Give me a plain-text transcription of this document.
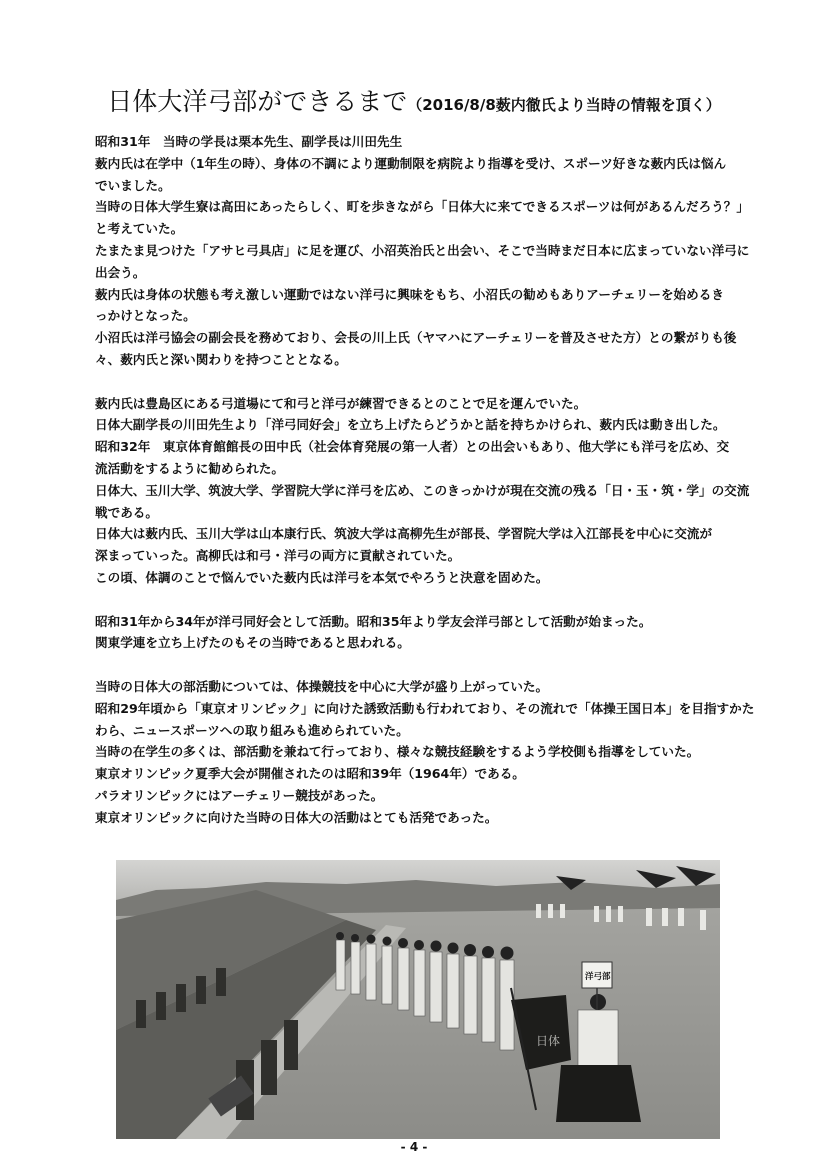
日体大洋弓部ができるまで（2016/8/8薮内徹氏より当時の情報を頂く）

昭和31年　当時の学長は栗本先生、副学長は川田先生

薮内氏は在学中（1年生の時）、身体の不調により運動制限を病院より指導を受け、スポーツ好きな薮内氏は悩ん

でいました。

当時の日体大学生寮は高田にあったらしく、町を歩きながら「日体大に来てできるスポーツは何があるんだろう？」

と考えていた。

たまたま見つけた「アサヒ弓具店」に足を運び、小沼英治氏と出会い、そこで当時まだ日本に広まっていない洋弓に

出会う。

薮内氏は身体の状態も考え激しい運動ではない洋弓に興味をもち、小沼氏の勧めもありアーチェリーを始めるき

っかけとなった。

小沼氏は洋弓協会の副会長を務めており、会長の川上氏（ヤマハにアーチェリーを普及させた方）との繋がりも後

々、薮内氏と深い関わりを持つこととなる。

薮内氏は豊島区にある弓道場にて和弓と洋弓が練習できるとのことで足を運んでいた。

日体大副学長の川田先生より「洋弓同好会」を立ち上げたらどうかと話を持ちかけられ、薮内氏は動き出した。

昭和32年　東京体育館館長の田中氏（社会体育発展の第一人者）との出会いもあり、他大学にも洋弓を広め、交

流活動をするように勧められた。

日体大、玉川大学、筑波大学、学習院大学に洋弓を広め、このきっかけが現在交流の残る「日・玉・筑・学」の交流

戦である。

日体大は薮内氏、玉川大学は山本康行氏、筑波大学は高柳先生が部長、学習院大学は入江部長を中心に交流が

深まっていった。高柳氏は和弓・洋弓の両方に貢献されていた。

この頃、体調のことで悩んでいた薮内氏は洋弓を本気でやろうと決意を固めた。

昭和31年から34年が洋弓同好会として活動。昭和35年より学友会洋弓部として活動が始まった。

関東学連を立ち上げたのもその当時であると思われる。

当時の日体大の部活動については、体操競技を中心に大学が盛り上がっていた。

昭和29年頃から「東京オリンピック」に向けた誘致活動も行われており、その流れで「体操王国日本」を目指すかた

わら、ニュースポーツへの取り組みも進められていた。

当時の在学生の多くは、部活動を兼ねて行っており、様々な競技経験をするよう学校側も指導をしていた。

東京オリンピック夏季大会が開催されたのは昭和39年（1964年）である。

パラオリンピックにはアーチェリー競技があった。

東京オリンピックに向けた当時の日体大の活動はとても活発であった。

日体
洋弓部
- 4 -
